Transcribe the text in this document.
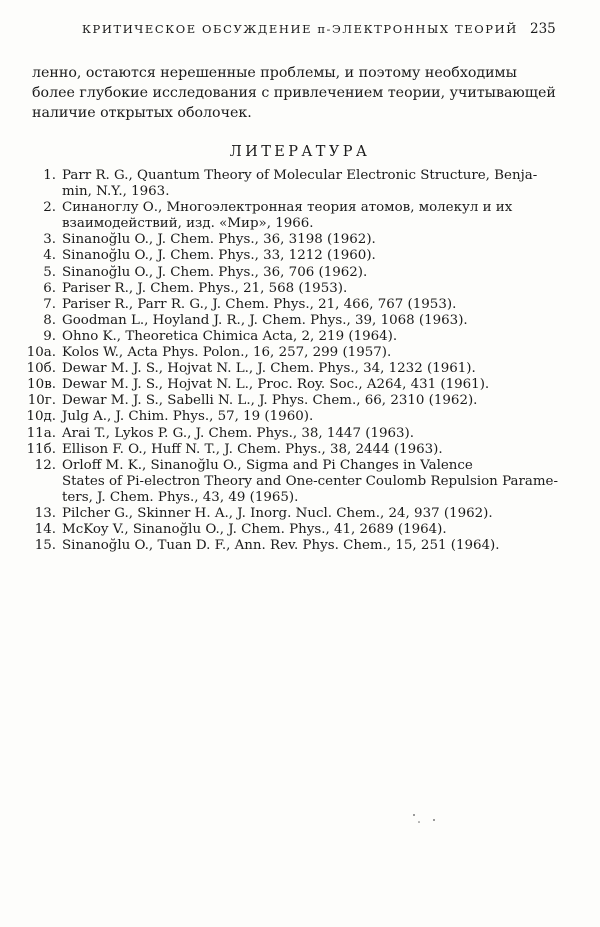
КРИТИЧЕСКОЕ ОБСУЖДЕНИЕ π-ЭЛЕКТРОННЫХ ТЕОРИЙ 235
ленно, остаются нерешенные проблемы, и поэтому необходимы
более глубокие исследования с привлечением теории, учитывающей
наличие открытых оболочек.
ЛИТЕРАТУРА
1. Parr R. G., Quantum Theory of Molecular Electronic Structure, Benja-
min, N.Y., 1963.
2. Синаноглу О., Многоэлектронная теория атомов, молекул и их
взаимодействий, изд. «Мир», 1966.
3. Sinanoğlu O., J. Chem. Phys., 36, 3198 (1962).
4. Sinanoğlu O., J. Chem. Phys., 33, 1212 (1960).
5. Sinanoğlu O., J. Chem. Phys., 36, 706 (1962).
6. Pariser R., J. Chem. Phys., 21, 568 (1953).
7. Pariser R., Parr R. G., J. Chem. Phys., 21, 466, 767 (1953).
8. Goodman L., Hoyland J. R., J. Chem. Phys., 39, 1068 (1963).
9. Ohno K., Theoretica Chimica Acta, 2, 219 (1964).
10а. Kolos W., Acta Phys. Polon., 16, 257, 299 (1957).
10б. Dewar M. J. S., Hojvat N. L., J. Chem. Phys., 34, 1232 (1961).
10в. Dewar M. J. S., Hojvat N. L., Proc. Roy. Soc., A264, 431 (1961).
10г. Dewar M. J. S., Sabelli N. L., J. Phys. Chem., 66, 2310 (1962).
10д. Julg A., J. Chim. Phys., 57, 19 (1960).
11а. Arai T., Lykos P. G., J. Chem. Phys., 38, 1447 (1963).
11б. Ellison F. O., Huff N. T., J. Chem. Phys., 38, 2444 (1963).
12. Orloff M. K., Sinanoğlu O., Sigma and Pi Changes in Valence
States of Pi-electron Theory and One-center Coulomb Repulsion Parame-
ters, J. Chem. Phys., 43, 49 (1965).
13. Pilcher G., Skinner H. A., J. Inorg. Nucl. Chem., 24, 937 (1962).
14. McKoy V., Sinanoğlu O., J. Chem. Phys., 41, 2689 (1964).
15. Sinanoğlu O., Tuan D. F., Ann. Rev. Phys. Chem., 15, 251 (1964).
